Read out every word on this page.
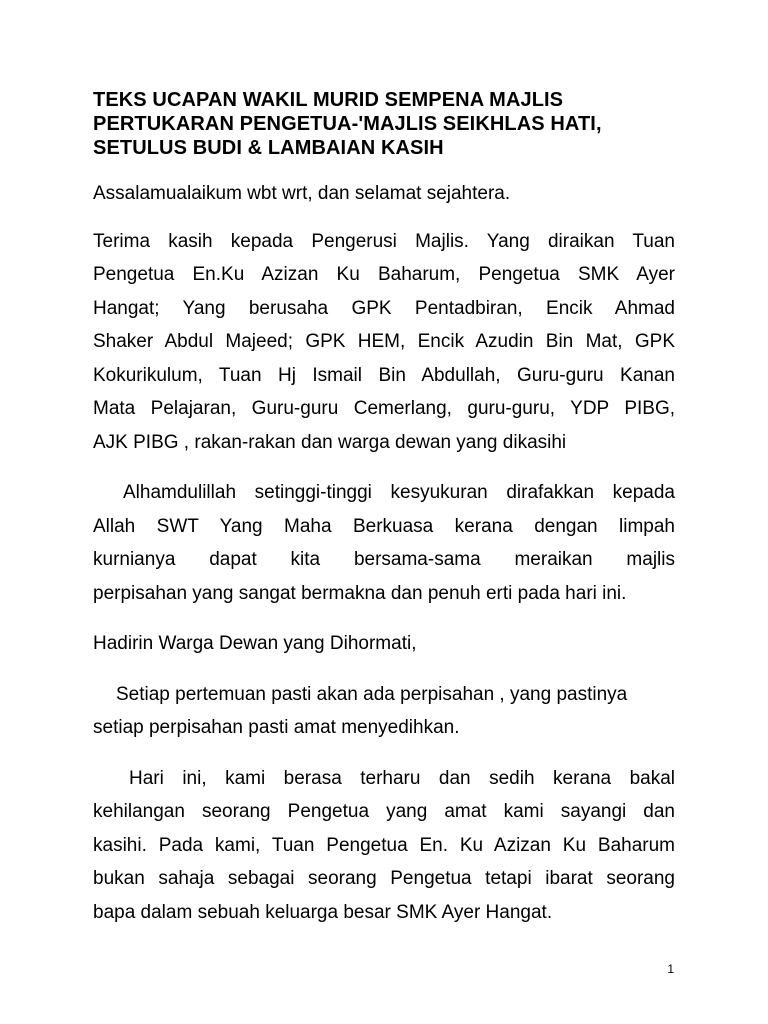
TEKS UCAPAN WAKIL MURID SEMPENA MAJLIS
PERTUKARAN PENGETUA-'MAJLIS SEIKHLAS HATI,
SETULUS BUDI & LAMBAIAN KASIH

Assalamualaikum wbt wrt, dan selamat sejahtera.

Terima kasih kepada Pengerusi Majlis. Yang diraikan Tuan
Pengetua En.Ku Azizan Ku Baharum, Pengetua SMK Ayer
Hangat; Yang berusaha GPK Pentadbiran, Encik Ahmad
Shaker Abdul Majeed; GPK HEM, Encik Azudin Bin Mat, GPK
Kokurikulum, Tuan Hj Ismail Bin Abdullah, Guru-guru Kanan
Mata Pelajaran, Guru-guru Cemerlang, guru-guru, YDP PIBG,
AJK PIBG , rakan-rakan dan warga dewan yang dikasihi

Alhamdulillah setinggi-tinggi kesyukuran dirafakkan kepada
Allah SWT Yang Maha Berkuasa kerana dengan limpah
kurnianya dapat kita bersama-sama meraikan majlis
perpisahan yang sangat bermakna dan penuh erti pada hari ini.

Hadirin Warga Dewan yang Dihormati,

Setiap pertemuan pasti akan ada perpisahan , yang pastinya
setiap perpisahan pasti amat menyedihkan.

Hari ini, kami berasa terharu dan sedih kerana bakal
kehilangan seorang Pengetua yang amat kami sayangi dan
kasihi. Pada kami, Tuan Pengetua En. Ku Azizan Ku Baharum
bukan sahaja sebagai seorang Pengetua tetapi ibarat seorang
bapa dalam sebuah keluarga besar SMK Ayer Hangat.

1
